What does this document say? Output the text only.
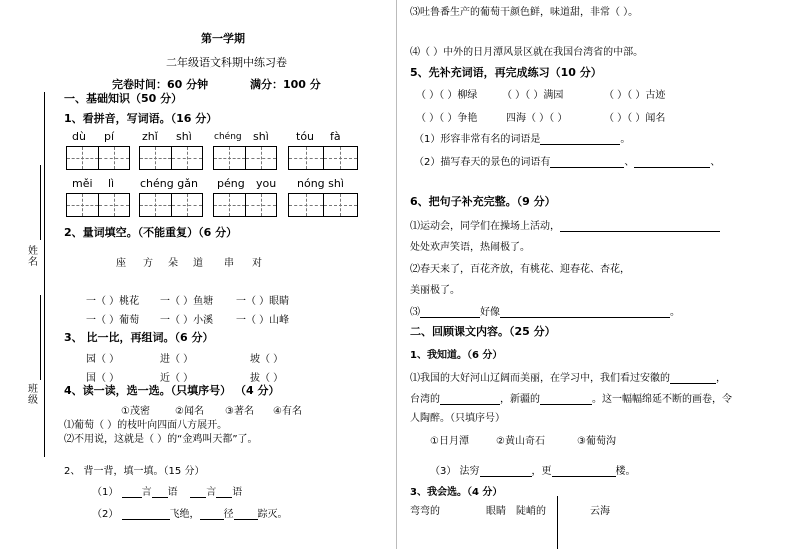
姓名
班级
第一学期
二年级语文科期中练习卷
完卷时间：60 分钟	满分：100 分
一、基础知识（50 分）
1、看拼音，写词语。（16 分）
dù pí	zhǐ shì chéng shì tóu fà
měi lì chéng gǎn péng you nóng shì
2、量词填空。（不能重复）（6 分）
座 方 朵 道 串 对
一（ ）桃花 一（ ）鱼塘 一（ ）眼睛
一（ ）葡萄 一（ ）小溪 一（ ）山峰
3、 比一比，再组词。（6 分）
园（ ）	进（ ）	坡（ ）
国（ ）	近（ ）	拔（ ）
4、读一读，选一选。（只填序号） （4 分）
①茂密	②闻名 ③著名 ④有名
⑴葡萄（ ）的枝叶向四面八方展开。
⑵不用说，这就是（ ）的“金鸡叫天都”了。
2、 背一背，填一填。（15 分）
（1） 言 语	言 语
（2）	飞绝， 径 踪灭。
⑶吐鲁番生产的葡萄干颜色鲜，味道甜，非常（ ）。
⑷（ ）中外的日月潭风景区就在我国台湾省的中部。
5、先补充词语，再完成练习（10 分）
（ ）（ ）柳绿 （ ）（ ）满园	（ ）（ ）古迹
（ ）（ ）争艳	四海（ ）（ ）	（ ）（ ）闻名
（1）形容非常有名的词语是	。
（2）描写春天的景色的词语有	、	、
6、把句子补充完整。（9 分）
⑴运动会，同学们在操场上活动，
处处欢声笑语，热闹极了。
⑵春天来了，百花齐放，有桃花、迎春花、杏花，
美丽极了。
⑶	好像	。
二、回顾课文内容。（25 分）
1、我知道。（6 分）
⑴我国的大好河山辽阔而美丽，在学习中，我们看过安徽的	，
台湾的	，新疆的	。这一幅幅绵延不断的画卷，令
人陶醉。（只填序号）
①日月潭	②黄山奇石	③葡萄沟
（3） 法穷	，更	楼。
3、我会选。（4 分）
弯弯的	眼睛 陡峭的	云海
